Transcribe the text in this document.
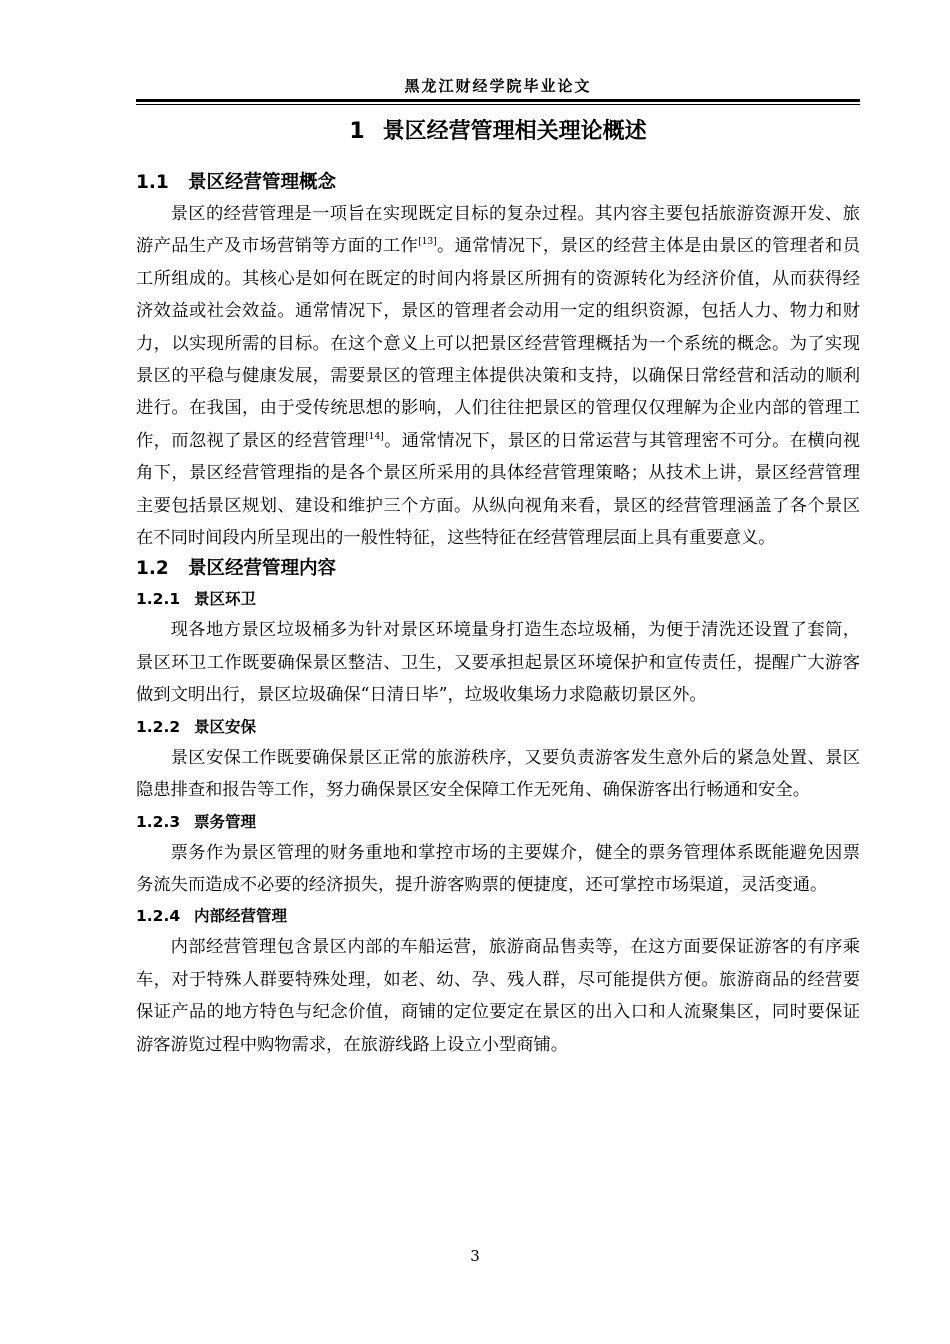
黑龙江财经学院毕业论文
1 景区经营管理相关理论概述
1.1 景区经营管理概念

景区的经营管理是一项旨在实现既定目标的复杂过程。其内容主要包括旅游资源开发、旅游产品生产及市场营销等方面的工作[13]。通常情况下，景区的经营主体是由景区的管理者和员工所组成的。其核心是如何在既定的时间内将景区所拥有的资源转化为经济价值，从而获得经济效益或社会效益。通常情况下，景区的管理者会动用一定的组织资源，包括人力、物力和财力，以实现所需的目标。在这个意义上可以把景区经营管理概括为一个系统的概念。为了实现景区的平稳与健康发展，需要景区的管理主体提供决策和支持，以确保日常经营和活动的顺利进行。在我国，由于受传统思想的影响，人们往往把景区的管理仅仅理解为企业内部的管理工作，而忽视了景区的经营管理[14]。通常情况下，景区的日常运营与其管理密不可分。在横向视角下，景区经营管理指的是各个景区所采用的具体经营管理策略；从技术上讲，景区经营管理主要包括景区规划、建设和维护三个方面。从纵向视角来看，景区的经营管理涵盖了各个景区在不同时间段内所呈现出的一般性特征，这些特征在经营管理层面上具有重要意义。

1.2 景区经营管理内容
1.2.1 景区环卫

现各地方景区垃圾桶多为针对景区环境量身打造生态垃圾桶，为便于清洗还设置了套筒，景区环卫工作既要确保景区整洁、卫生，又要承担起景区环境保护和宣传责任，提醒广大游客做到文明出行，景区垃圾确保“日清日毕”，垃圾收集场力求隐蔽切景区外。

1.2.2 景区安保

景区安保工作既要确保景区正常的旅游秩序，又要负责游客发生意外后的紧急处置、景区隐患排查和报告等工作，努力确保景区安全保障工作无死角、确保游客出行畅通和安全。

1.2.3 票务管理

票务作为景区管理的财务重地和掌控市场的主要媒介，健全的票务管理体系既能避免因票务流失而造成不必要的经济损失，提升游客购票的便捷度，还可掌控市场渠道，灵活变通。

1.2.4 内部经营管理

内部经营管理包含景区内部的车船运营，旅游商品售卖等，在这方面要保证游客的有序乘车，对于特殊人群要特殊处理，如老、幼、孕、残人群，尽可能提供方便。旅游商品的经营要保证产品的地方特色与纪念价值，商铺的定位要定在景区的出入口和人流聚集区，同时要保证游客游览过程中购物需求，在旅游线路上设立小型商铺。

3
